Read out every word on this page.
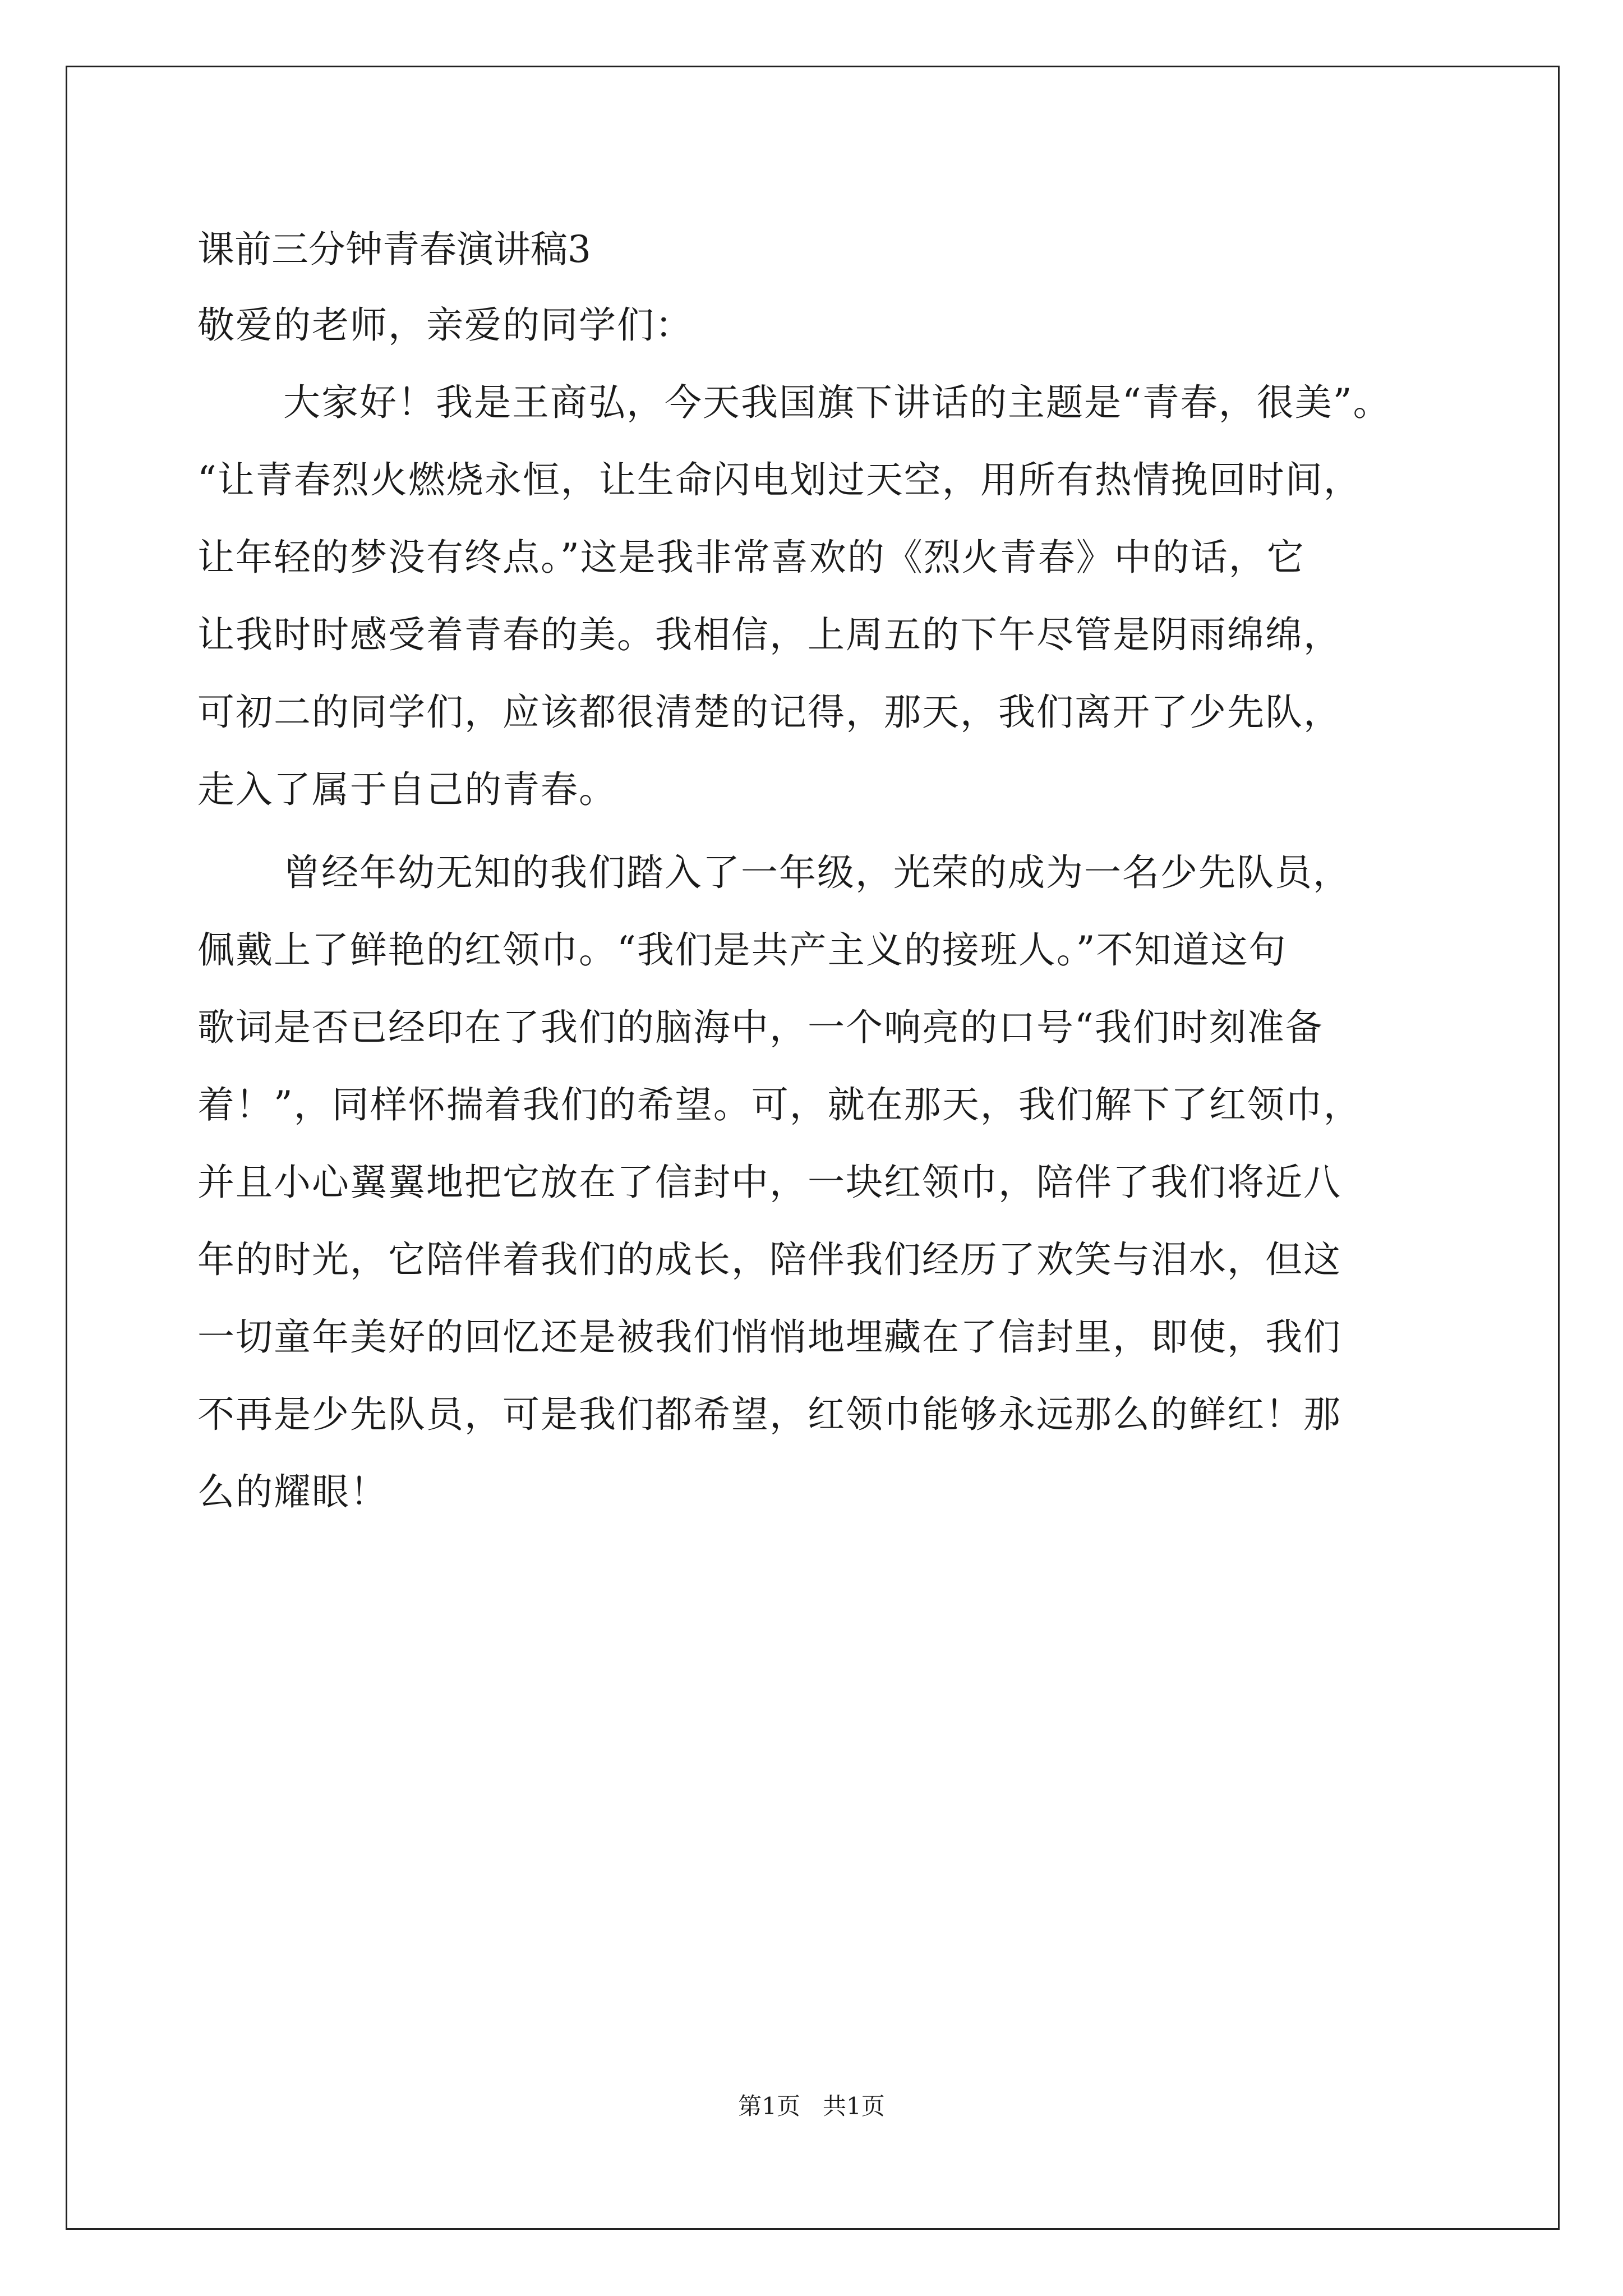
课前三分钟青春演讲稿3
敬爱的老师，亲爱的同学们：
大家好！我是王商弘，今天我国旗下讲话的主题是“青春，很美”。
“让青春烈火燃烧永恒，让生命闪电划过天空，用所有热情挽回时间，
让年轻的梦没有终点。”这是我非常喜欢的《烈火青春》中的话，它
让我时时感受着青春的美。我相信，上周五的下午尽管是阴雨绵绵，
可初二的同学们，应该都很清楚的记得，那天，我们离开了少先队，
走入了属于自己的青春。
曾经年幼无知的我们踏入了一年级，光荣的成为一名少先队员，
佩戴上了鲜艳的红领巾。“我们是共产主义的接班人。”不知道这句
歌词是否已经印在了我们的脑海中，一个响亮的口号“我们时刻准备
着！”，同样怀揣着我们的希望。可，就在那天，我们解下了红领巾，
并且小心翼翼地把它放在了信封中，一块红领巾，陪伴了我们将近八
年的时光，它陪伴着我们的成长，陪伴我们经历了欢笑与泪水，但这
一切童年美好的回忆还是被我们悄悄地埋藏在了信封里，即使，我们
不再是少先队员，可是我们都希望，红领巾能够永远那么的鲜红！那
么的耀眼！
第1页   共1页
